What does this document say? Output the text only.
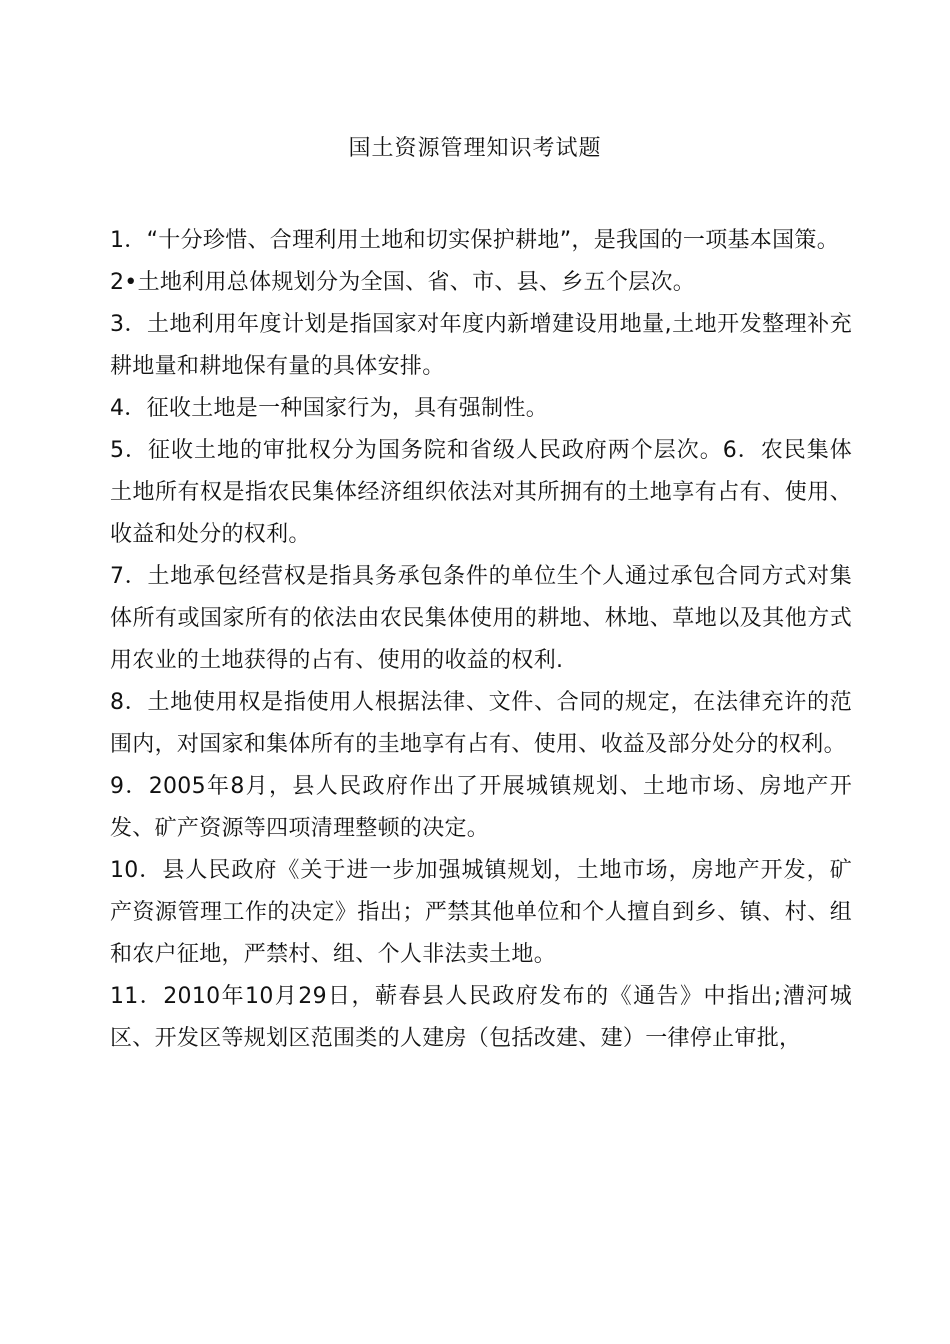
国土资源管理知识考试题

1．“十分珍惜、合理利用土地和切实保护耕地”，是我国的一项基本国策。

2•土地利用总体规划分为全国、省、市、县、乡五个层次。

3．土地利用年度计划是指国家对年度内新增建设用地量,土地开发整理补充耕地量和耕地保有量的具体安排。

4．征收土地是一种国家行为，具有强制性。

5．征收土地的审批权分为国务院和省级人民政府两个层次。6．农民集体土地所有权是指农民集体经济组织依法对其所拥有的土地享有占有、使用、收益和处分的权利。

7．土地承包经营权是指具务承包条件的单位生个人通过承包合同方式对集体所有或国家所有的依法由农民集体使用的耕地、林地、草地以及其他方式用农业的土地获得的占有、使用的收益的权利.

8．土地使用权是指使用人根据法律、文件、合同的规定，在法律充许的范围内，对国家和集体所有的圭地享有占有、使用、收益及部分处分的权利。

9．2005年8月，县人民政府作出了开展城镇规划、土地市场、房地产开发、矿产资源等四项清理整顿的决定。

10．县人民政府《关于进一步加强城镇规划，土地市场，房地产开发，矿产资源管理工作的决定》指出；严禁其他单位和个人擅自到乡、镇、村、组和农户征地，严禁村、组、个人非法卖土地。

11．2010年10月29日，蕲春县人民政府发布的《通告》中指出;漕河城区、开发区等规划区范围类的人建房（包括改建、建）一律停止审批，
